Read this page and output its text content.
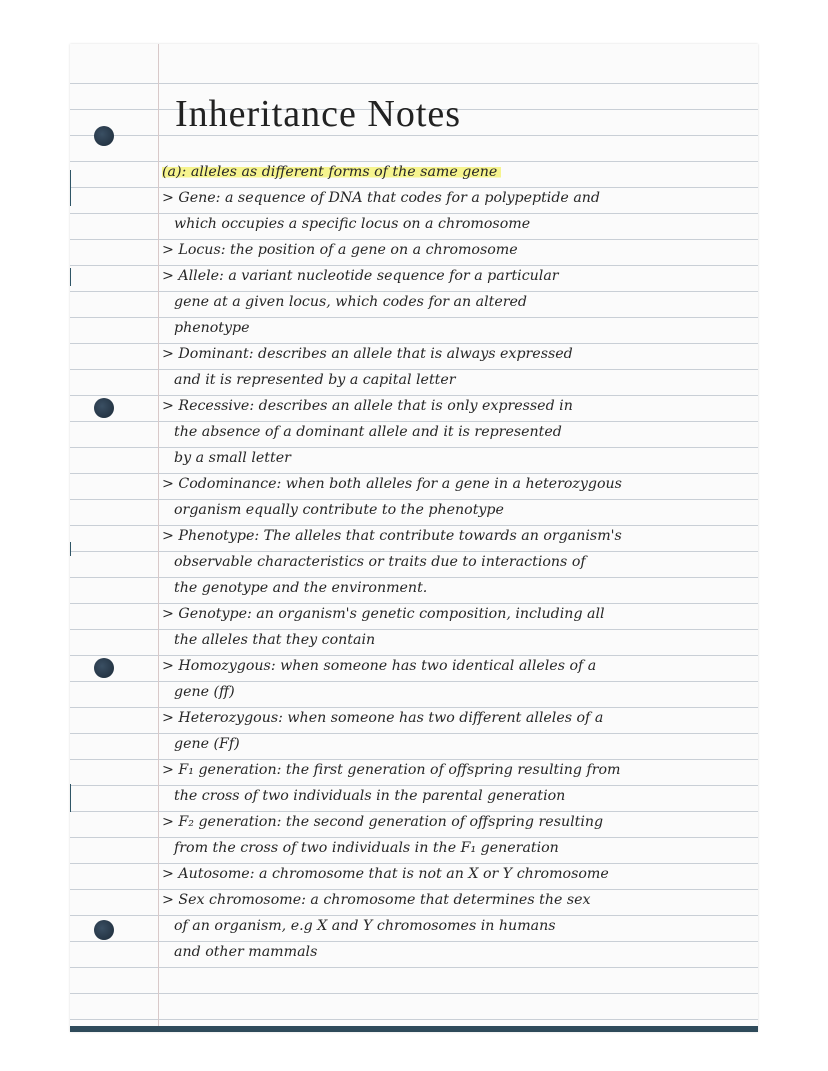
Inheritance Notes
(a): alleles as different forms of the same gene
> Gene: a sequence of DNA that codes for a polypeptide and
which occupies a specific locus on a chromosome
> Locus: the position of a gene on a chromosome
> Allele: a variant nucleotide sequence for a particular
gene at a given locus, which codes for an altered
phenotype
> Dominant: describes an allele that is always expressed
and it is represented by a capital letter
> Recessive: describes an allele that is only expressed in
the absence of a dominant allele and it is represented
by a small letter
> Codominance: when both alleles for a gene in a heterozygous
organism equally contribute to the phenotype
> Phenotype: The alleles that contribute towards an organism's
observable characteristics or traits due to interactions of
the genotype and the environment.
> Genotype: an organism's genetic composition, including all
the alleles that they contain
> Homozygous: when someone has two identical alleles of a
gene (ff)
> Heterozygous: when someone has two different alleles of a
gene (Ff)
> F₁ generation: the first generation of offspring resulting from
the cross of two individuals in the parental generation
> F₂ generation: the second generation of offspring resulting
from the cross of two individuals in the F₁ generation
> Autosome: a chromosome that is not an X or Y chromosome
> Sex chromosome: a chromosome that determines the sex
of an organism, e.g X and Y chromosomes in humans
and other mammals
